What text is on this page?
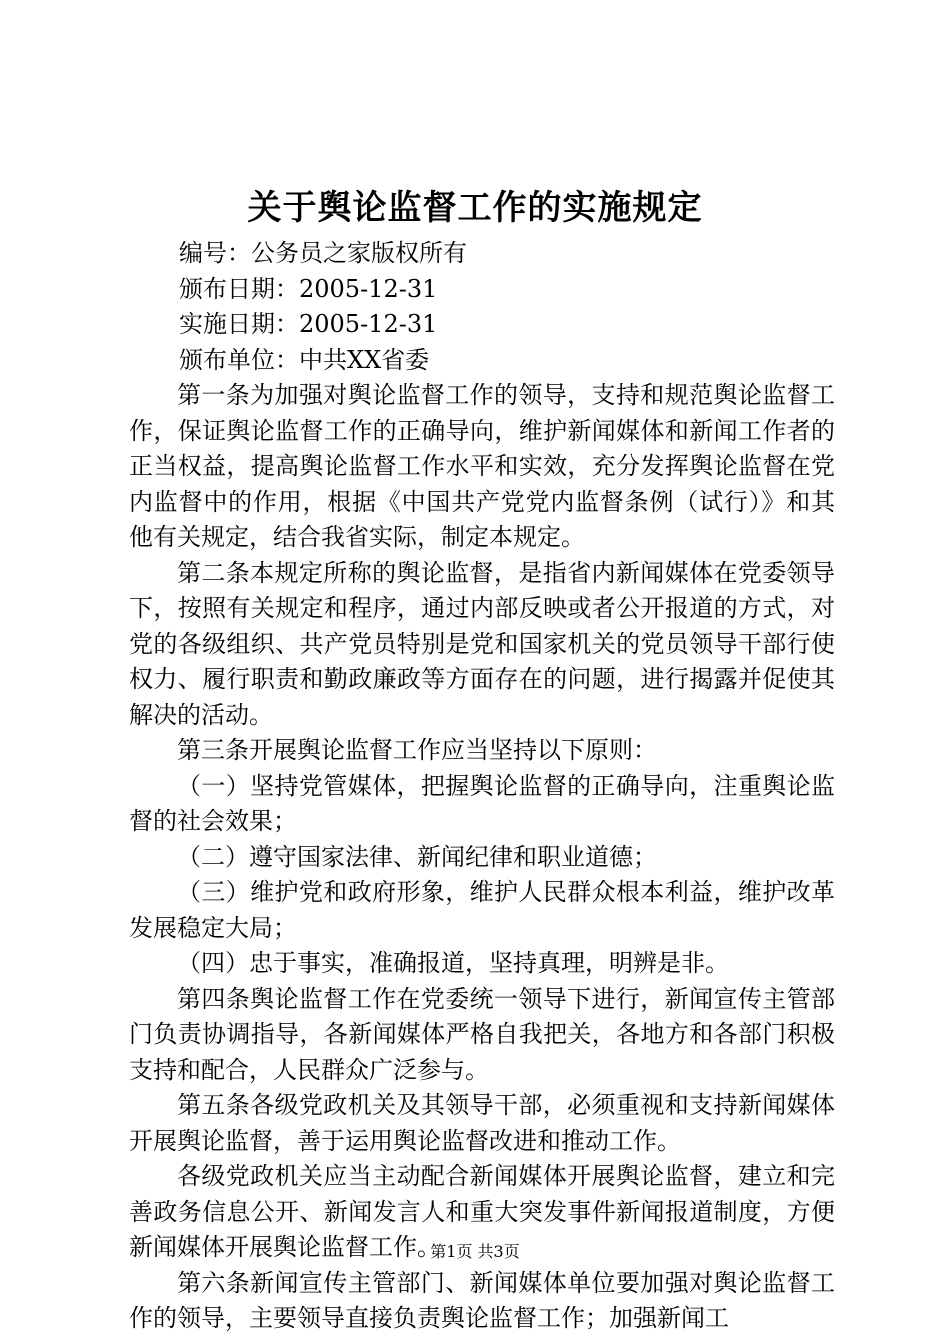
关于舆论监督工作的实施规定
编号：公务员之家版权所有
颁布日期：2005-12-31
实施日期：2005-12-31
颁布单位：中共XX省委

第一条为加强对舆论监督工作的领导，支持和规范舆论监督工作，保证舆论监督工作的正确导向，维护新闻媒体和新闻工作者的正当权益，提高舆论监督工作水平和实效，充分发挥舆论监督在党内监督中的作用，根据《中国共产党党内监督条例（试行）》和其他有关规定，结合我省实际，制定本规定。

第二条本规定所称的舆论监督，是指省内新闻媒体在党委领导下，按照有关规定和程序，通过内部反映或者公开报道的方式，对党的各级组织、共产党员特别是党和国家机关的党员领导干部行使权力、履行职责和勤政廉政等方面存在的问题，进行揭露并促使其解决的活动。

第三条开展舆论监督工作应当坚持以下原则：

（一）坚持党管媒体，把握舆论监督的正确导向，注重舆论监督的社会效果；

（二）遵守国家法律、新闻纪律和职业道德；

（三）维护党和政府形象，维护人民群众根本利益，维护改革发展稳定大局；

（四）忠于事实，准确报道，坚持真理，明辨是非。

第四条舆论监督工作在党委统一领导下进行，新闻宣传主管部门负责协调指导，各新闻媒体严格自我把关，各地方和各部门积极支持和配合，人民群众广泛参与。

第五条各级党政机关及其领导干部，必须重视和支持新闻媒体开展舆论监督，善于运用舆论监督改进和推动工作。

各级党政机关应当主动配合新闻媒体开展舆论监督，建立和完善政务信息公开、新闻发言人和重大突发事件新闻报道制度，方便新闻媒体开展舆论监督工作。

第六条新闻宣传主管部门、新闻媒体单位要加强对舆论监督工作的领导，主要领导直接负责舆论监督工作；加强新闻工

第1页 共3页
